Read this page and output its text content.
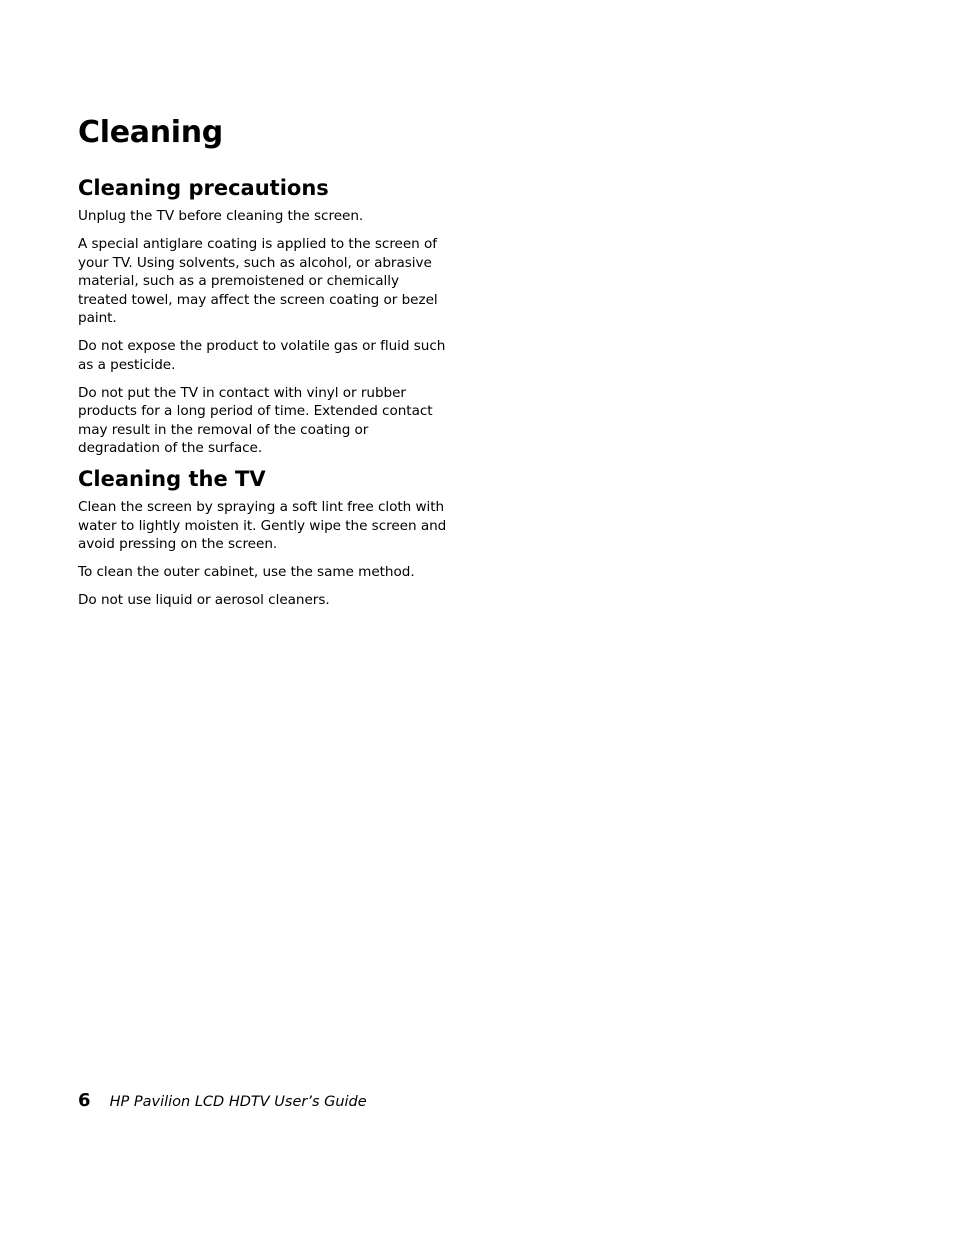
Cleaning
Cleaning precautions

Unplug the TV before cleaning the screen.

A special antiglare coating is applied to the screen of your TV. Using solvents, such as alcohol, or abrasive material, such as a premoistened or chemically treated towel, may affect the screen coating or bezel paint.

Do not expose the product to volatile gas or fluid such as a pesticide.

Do not put the TV in contact with vinyl or rubber products for a long period of time. Extended contact may result in the removal of the coating or degradation of the surface.

Cleaning the TV

Clean the screen by spraying a soft lint free cloth with water to lightly moisten it. Gently wipe the screen and avoid pressing on the screen.

To clean the outer cabinet, use the same method.

Do not use liquid or aerosol cleaners.

6 HP Pavilion LCD HDTV User’s Guide
